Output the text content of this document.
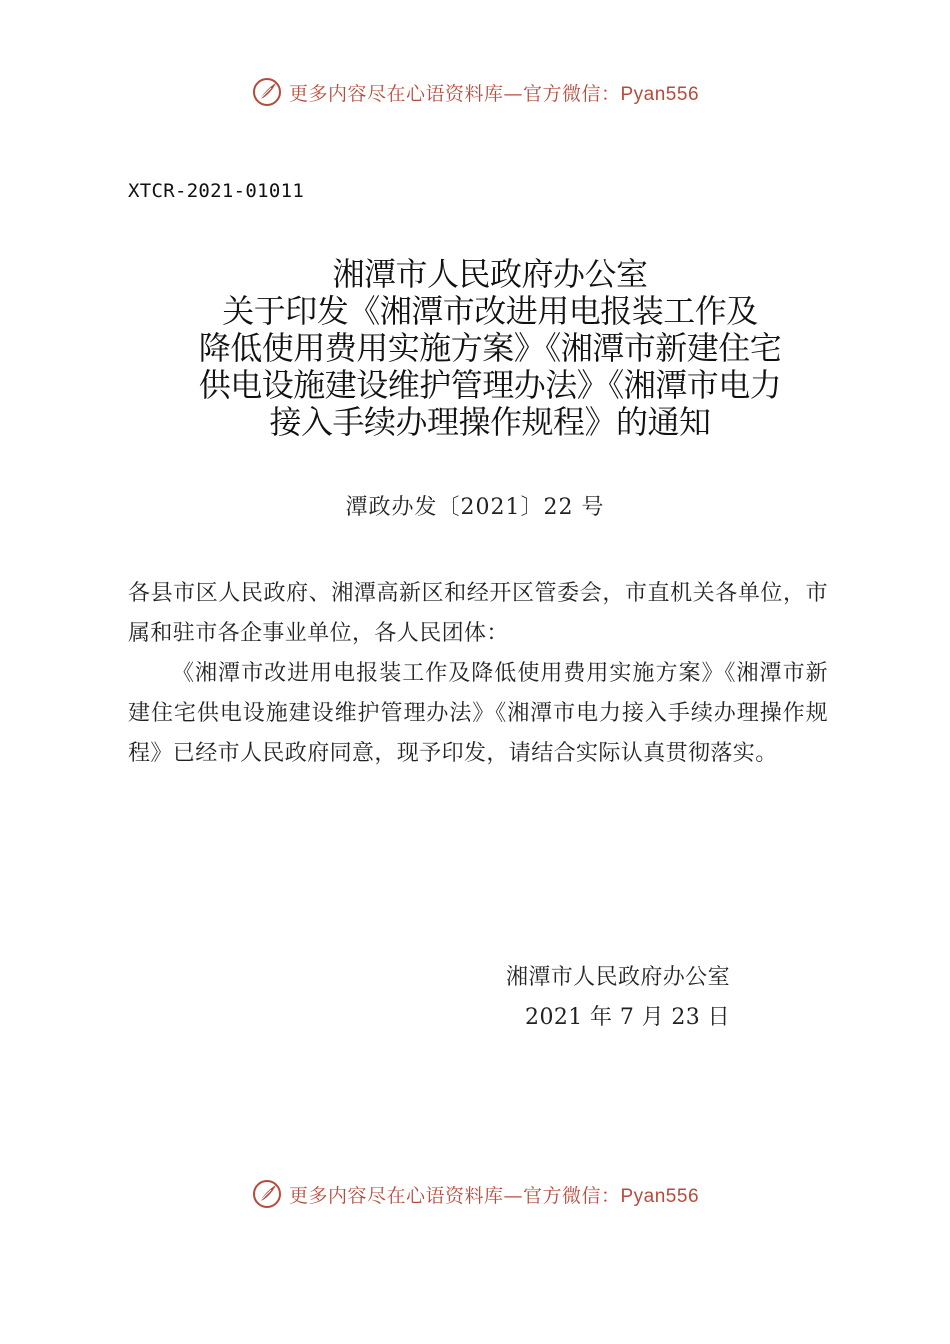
更多内容尽在心语资料库—官方微信：Pyan556
XTCR-2021-01011
湘潭市人民政府办公室
关于印发《湘潭市改进用电报装工作及
降低使用费用实施方案》《湘潭市新建住宅
供电设施建设维护管理办法》《湘潭市电力
接入手续办理操作规程》的通知
潭政办发〔2021〕22 号

各县市区人民政府、湘潭高新区和经开区管委会，市直机关各单位，市属和驻市各企事业单位，各人民团体：

《湘潭市改进用电报装工作及降低使用费用实施方案》《湘潭市新建住宅供电设施建设维护管理办法》《湘潭市电力接入手续办理操作规程》已经市人民政府同意，现予印发，请结合实际认真贯彻落实。

湘潭市人民政府办公室
2021 年 7 月 23 日
更多内容尽在心语资料库—官方微信：Pyan556
